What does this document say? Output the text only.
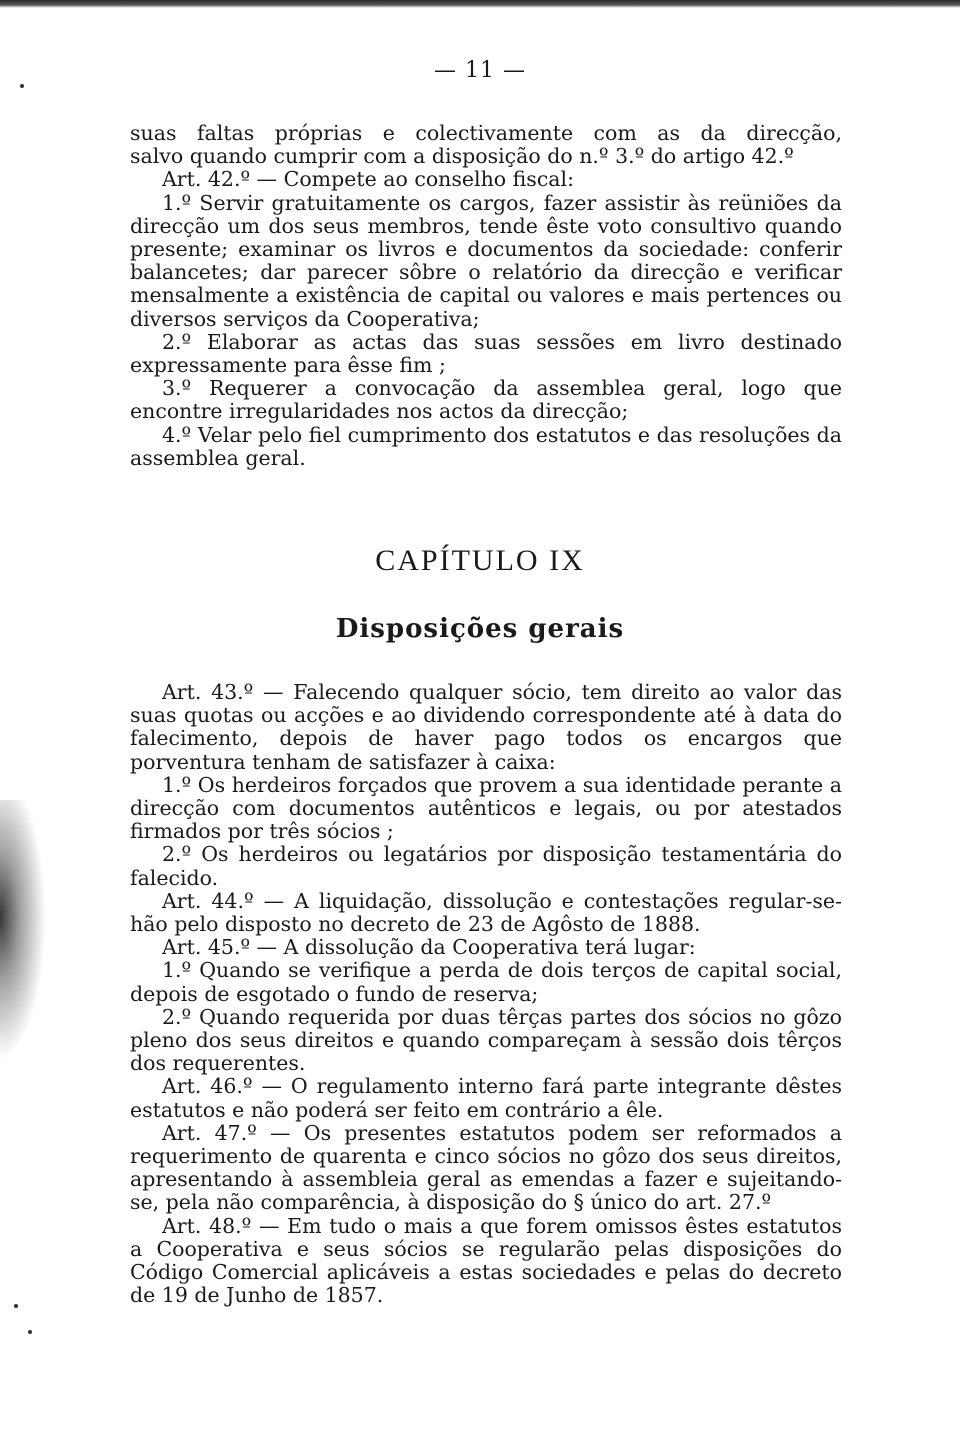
— 11 —

suas faltas próprias e colectivamente com as da direcção,

salvo quando cumprir com a disposição do n.º 3.º do artigo 42.º

Art. 42.º — Compete ao conselho fiscal:

1.º Servir gratuitamente os cargos, fazer assistir às reüniões da direcção um dos seus membros, tende êste voto consultivo quando presente; examinar os livros e documentos da sociedade: conferir balancetes; dar parecer sôbre o relatório da direcção e verificar mensalmente a existência de capital ou valores e mais pertences ou diversos serviços da Cooperativa;

2.º Elaborar as actas das suas sessões em livro destinado expressamente para êsse fim ;

3.º Requerer a convocação da assemblea geral, logo que encontre irregularidades nos actos da direcção;

4.º Velar pelo fiel cumprimento dos estatutos e das resoluções da assemblea geral.

CAPÍTULO IX
Disposições gerais

Art. 43.º — Falecendo qualquer sócio, tem direito ao valor das suas quotas ou acções e ao dividendo correspondente até à data do falecimento, depois de haver pago todos os encargos que porventura tenham de satisfazer à caixa:

1.º Os herdeiros forçados que provem a sua identidade perante a direcção com documentos autênticos e legais, ou por atestados firmados por três sócios ;

2.º Os herdeiros ou legatários por disposição testamentária do falecido.

Art. 44.º — A liquidação, dissolução e contestações regular-se-hão pelo disposto no decreto de 23 de Agôsto de 1888.

Art. 45.º — A dissolução da Cooperativa terá lugar:

1.º Quando se verifique a perda de dois terços de capital social, depois de esgotado o fundo de reserva;

2.º Quando requerida por duas têrças partes dos sócios no gôzo pleno dos seus direitos e quando compareçam à sessão dois têrços dos requerentes.

Art. 46.º — O regulamento interno fará parte integrante dêstes estatutos e não poderá ser feito em contrário a êle.

Art. 47.º — Os presentes estatutos podem ser reformados a requerimento de quarenta e cinco sócios no gôzo dos seus direitos, apresentando à assembleia geral as emendas a fazer e sujeitando-se, pela não comparência, à disposição do § único do art. 27.º

Art. 48.º — Em tudo o mais a que forem omissos êstes estatutos a Cooperativa e seus sócios se regularão pelas disposições do Código Comercial aplicáveis a estas sociedades e pelas do decreto de 19 de Junho de 1857.
